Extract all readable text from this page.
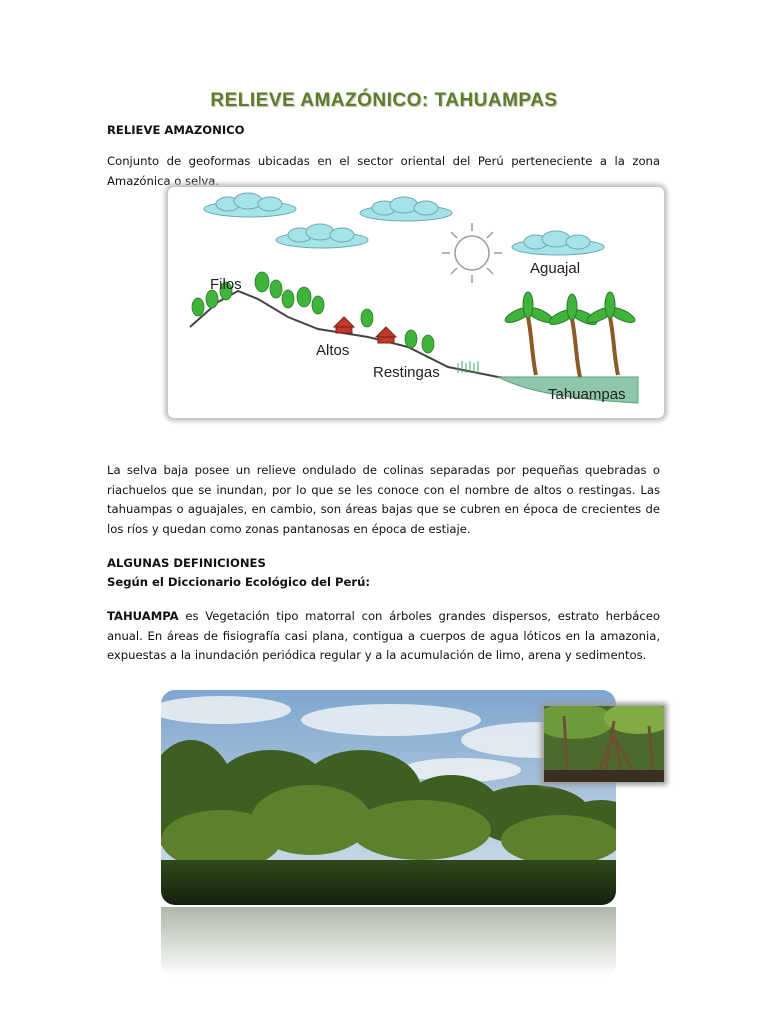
RELIEVE AMAZÓNICO: TAHUAMPAS
RELIEVE AMAZONICO
Conjunto de geoformas ubicadas en el sector oriental del Perú perteneciente a la zona Amazónica o selva.
Filos
Altos
Restingas
Aguajal
Tahuampas
La selva baja posee un relieve ondulado de colinas separadas por pequeñas quebradas o riachuelos que se inundan, por lo que se les conoce con el nombre de altos o restingas. Las tahuampas o aguajales, en cambio, son áreas bajas que se cubren en época de crecientes de los ríos y quedan como zonas pantanosas en época de estiaje.
ALGUNAS DEFINICIONES
Según el Diccionario Ecológico del Perú:
TAHUAMPA es Vegetación tipo matorral con árboles grandes dispersos, estrato herbáceo anual. En áreas de fisiografía casi plana, contigua a cuerpos de agua lóticos en la amazonia, expuestas a la inundación periódica regular y a la acumulación de limo, arena y sedimentos.
